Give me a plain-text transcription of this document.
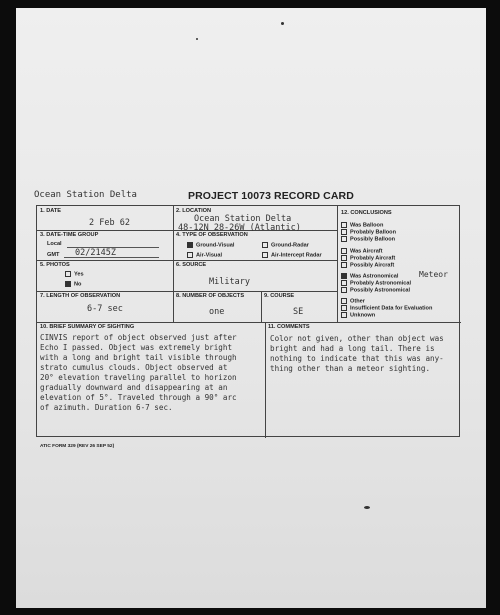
Ocean Station Delta	PROJECT 10073 RECORD CARD
1. DATE
2 Feb 62
2. LOCATION
Ocean Station Delta
48-12N 28-26W (Atlantic)
3. DATE-TIME GROUP
Local
GMT 02/2145Z
4. TYPE OF OBSERVATION
Ground-Visual	Ground-Radar
Air-Visual	Air-Intercept Radar
5. PHOTOS
Yes
No
6. SOURCE
Military
7. LENGTH OF OBSERVATION
6-7 sec
8. NUMBER OF OBJECTS
one
9. COURSE
SE
12. CONCLUSIONS
Was Balloon
Probably Balloon
Possibly Balloon
Was Aircraft
Probably Aircraft
Possibly Aircraft
Was Astronomical	Meteor
Probably Astronomical
Possibly Astronomical
Other
Insufficient Data for Evaluation
Unknown
10. BRIEF SUMMARY OF SIGHTING
CINVIS report of object observed just after
Echo I passed. Object was extremely bright
with a long and bright tail visible through
strato cumulus clouds. Object observed at
20° elevation traveling parallel to horizon
gradually downward and disappearing at an
elevation of 5°. Traveled through a 90° arc
of azimuth. Duration 6-7 sec.
11. COMMENTS
Color not given, other than object was
bright and had a long tail. There is
nothing to indicate that this was any-
thing other than a meteor sighting.
ATIC FORM 329 (REV 26 SEP 52)
